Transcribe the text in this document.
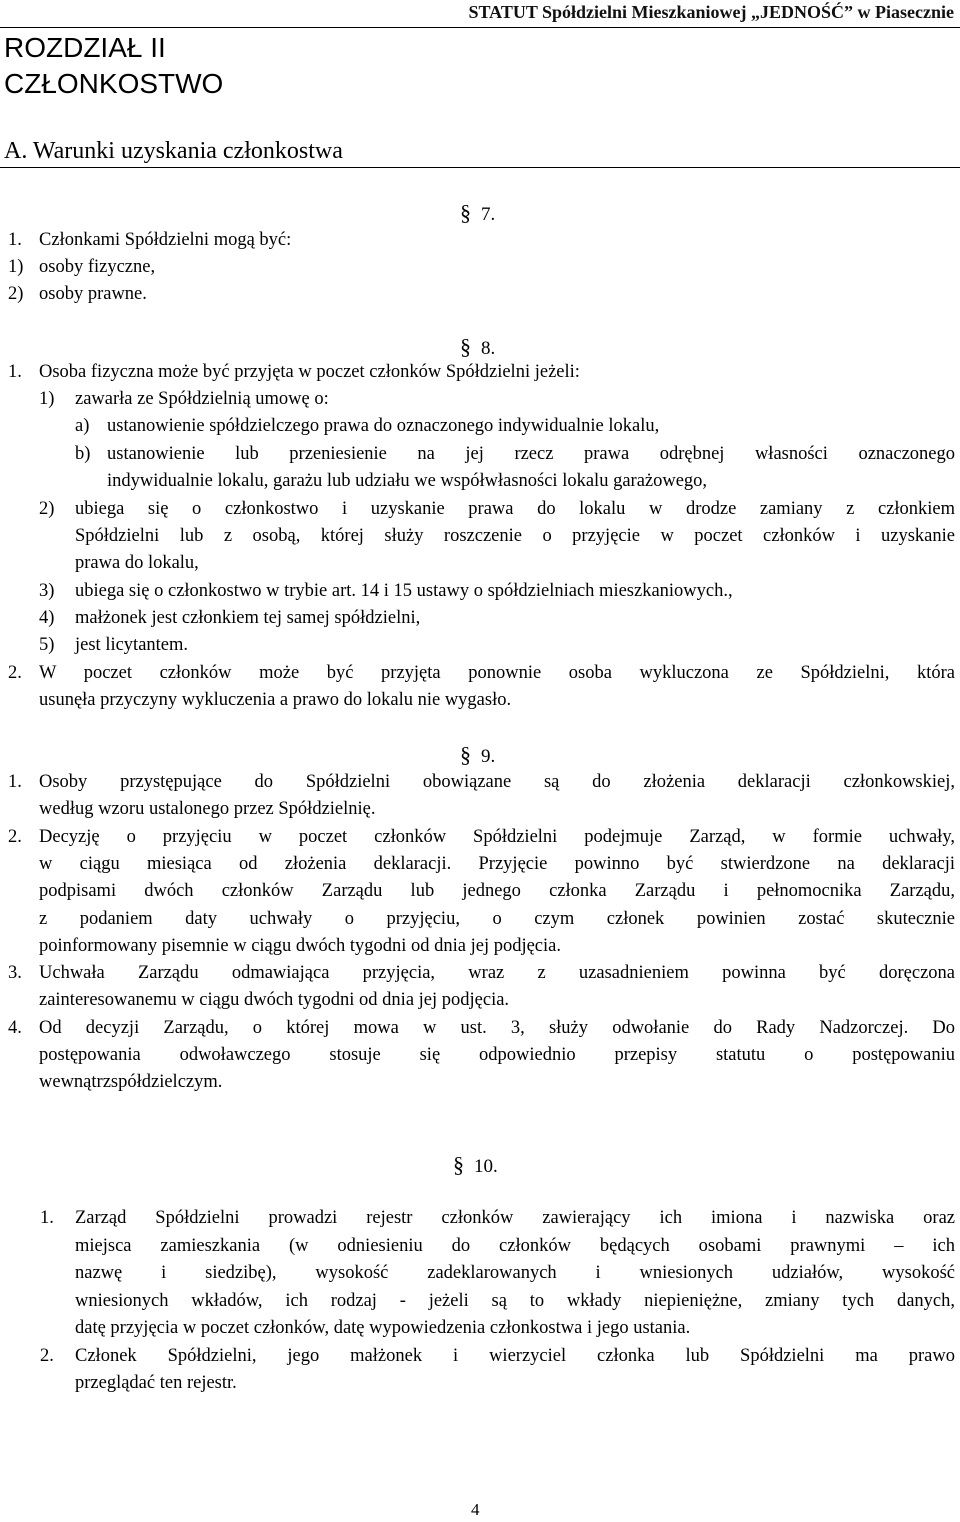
STATUT Spółdzielni Mieszkaniowej „JEDNOŚĆ” w Piasecznie
ROZDZIAŁ II
CZŁONKOSTWO
A. Warunki uzyskania członkostwa
§ 7.
1. Członkami Spółdzielni mogą być:
1) osoby fizyczne,
2) osoby prawne.
§ 8.
1. Osoba fizyczna może być przyjęta w poczet członków Spółdzielni jeżeli:
1) zawarła ze Spółdzielnią umowę o:
a) ustanowienie spółdzielczego prawa do oznaczonego indywidualnie lokalu,
b) ustanowienie lub przeniesienie na jej rzecz prawa odrębnej własności oznaczonego
indywidualnie lokalu, garażu lub udziału we współwłasności lokalu garażowego,
2) ubiega się o członkostwo i uzyskanie prawa do lokalu w drodze zamiany z członkiem
Spółdzielni lub z osobą, której służy roszczenie o przyjęcie w poczet członków i uzyskanie
prawa do lokalu,
3) ubiega się o członkostwo w trybie art. 14 i 15 ustawy o spółdzielniach mieszkaniowych.,
4) małżonek jest członkiem tej samej spółdzielni,
5) jest licytantem.
2. W poczet członków może być przyjęta ponownie osoba wykluczona ze Spółdzielni, która
usunęła przyczyny wykluczenia a prawo do lokalu nie wygasło.
§ 9.
1. Osoby przystępujące do Spółdzielni obowiązane są do złożenia deklaracji członkowskiej,
według wzoru ustalonego przez Spółdzielnię.
2. Decyzję o przyjęciu w poczet członków Spółdzielni podejmuje Zarząd, w formie uchwały,
w ciągu miesiąca od złożenia deklaracji. Przyjęcie powinno być stwierdzone na deklaracji
podpisami dwóch członków Zarządu lub jednego członka Zarządu i pełnomocnika Zarządu,
z podaniem daty uchwały o przyjęciu, o czym członek powinien zostać skutecznie
poinformowany pisemnie w ciągu dwóch tygodni od dnia jej podjęcia.
3. Uchwała Zarządu odmawiająca przyjęcia, wraz z uzasadnieniem powinna być doręczona
zainteresowanemu w ciągu dwóch tygodni od dnia jej podjęcia.
4. Od decyzji Zarządu, o której mowa w ust. 3, służy odwołanie do Rady Nadzorczej. Do
postępowania odwoławczego stosuje się odpowiednio przepisy statutu o postępowaniu
wewnątrzspółdzielczym.
§ 10.
1. Zarząd Spółdzielni prowadzi rejestr członków zawierający ich imiona i nazwiska oraz
miejsca zamieszkania (w odniesieniu do członków będących osobami prawnymi – ich
nazwę i siedzibę), wysokość zadeklarowanych i wniesionych udziałów, wysokość
wniesionych wkładów, ich rodzaj - jeżeli są to wkłady niepieniężne, zmiany tych danych,
datę przyjęcia w poczet członków, datę wypowiedzenia członkostwa i jego ustania.
2. Członek Spółdzielni, jego małżonek i wierzyciel członka lub Spółdzielni ma prawo
przeglądać ten rejestr.
4
